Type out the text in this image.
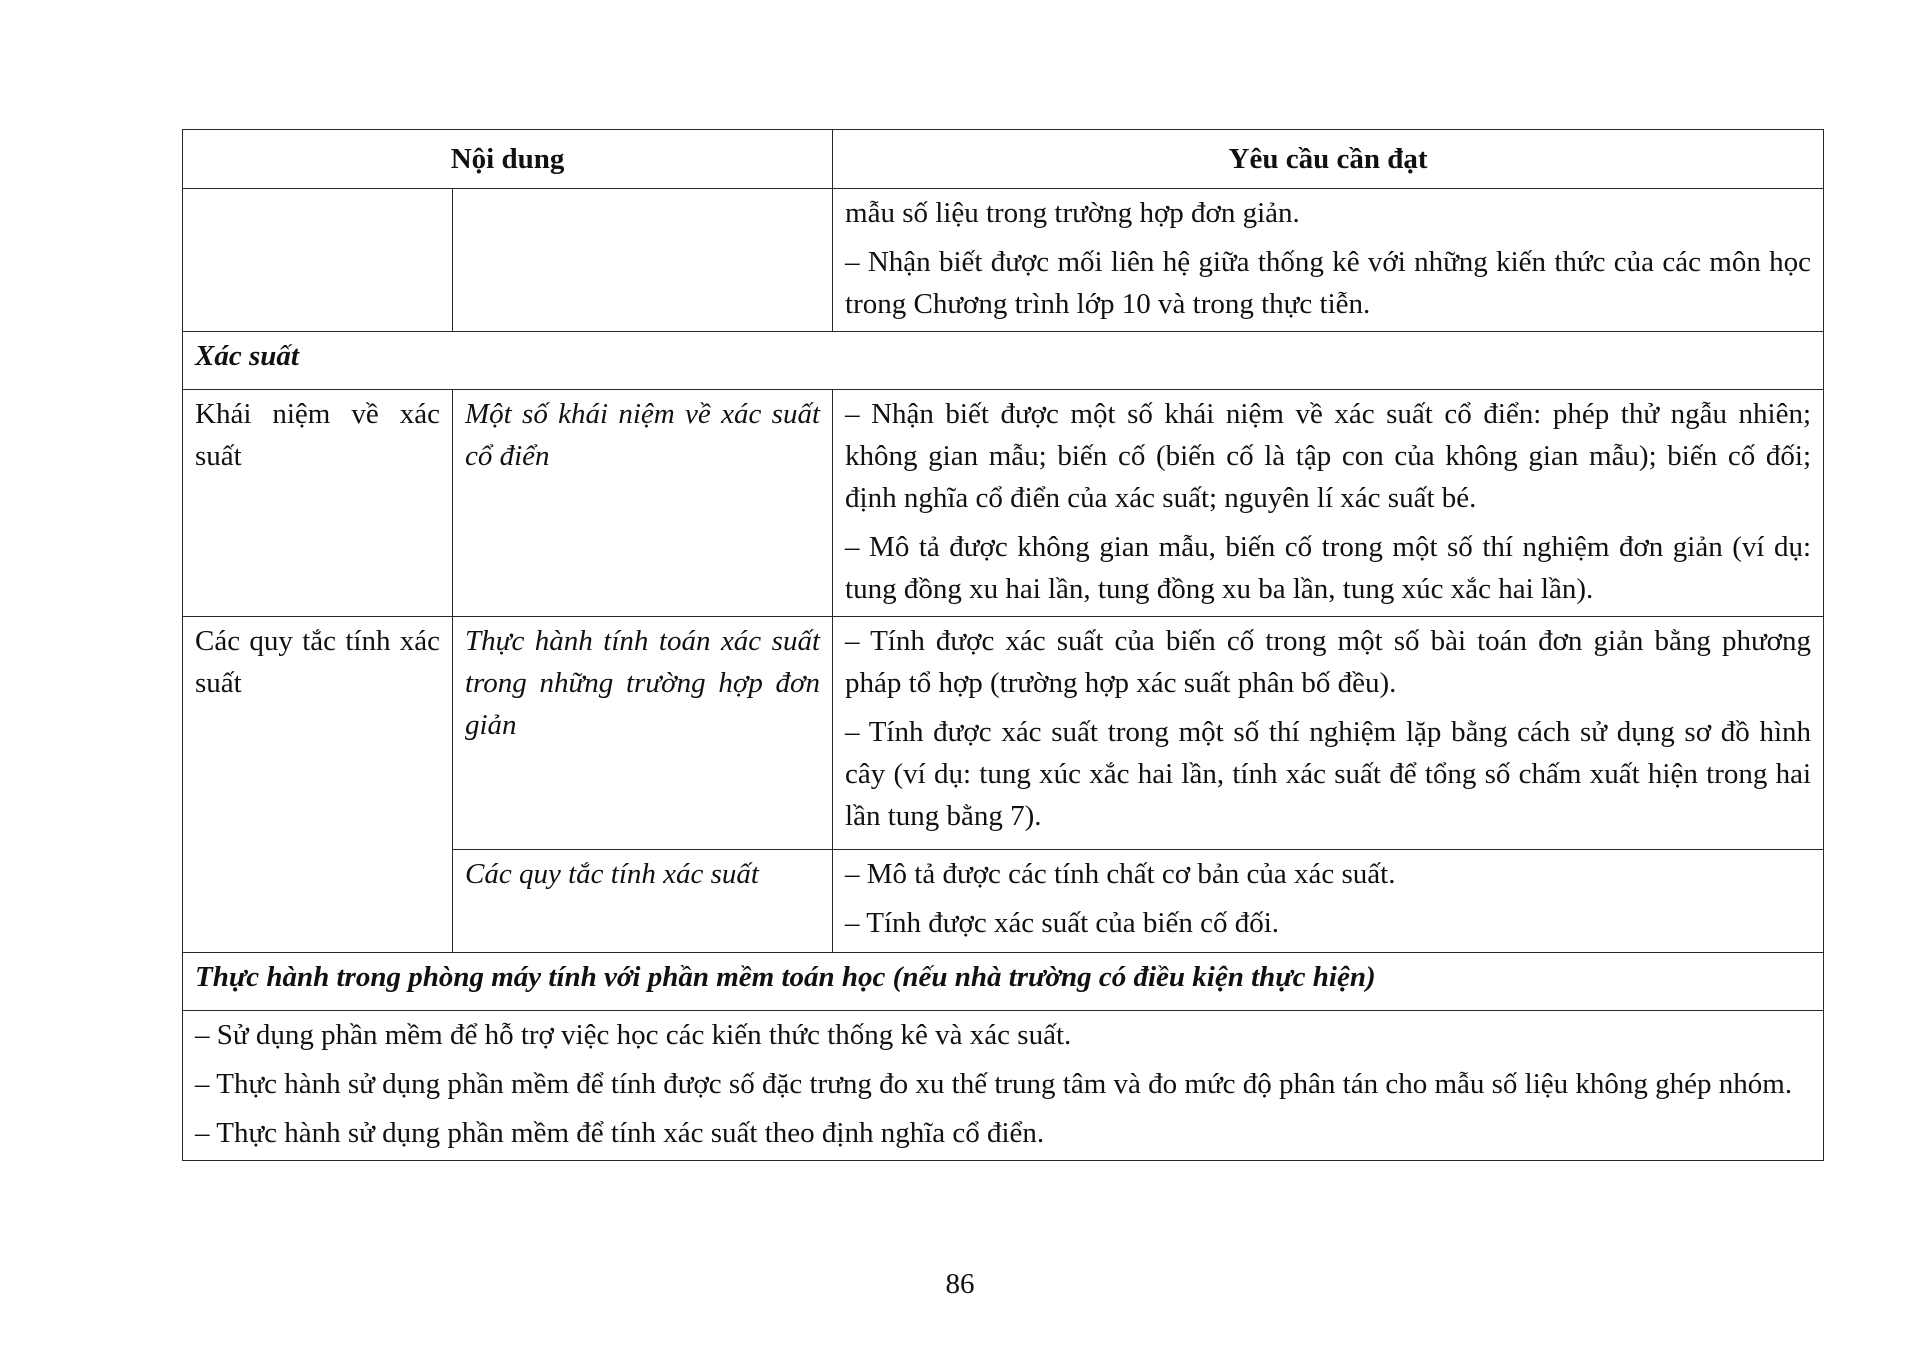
Nội dung		Yêu cầu cần đạt

		mẫu số liệu trong trường hợp đơn giản.

– Nhận biết được mối liên hệ giữa thống kê với những kiến thức của các môn học trong Chương trình lớp 10 và trong thực tiễn.

Xác suất		
Khái niệm về xác suất	Một số khái niệm về xác suất cổ điển	– Nhận biết được một số khái niệm về xác suất cổ điển: phép thử ngẫu nhiên; không gian mẫu; biến cố (biến cố là tập con của không gian mẫu); biến cố đối; định nghĩa cổ điển của xác suất; nguyên lí xác suất bé.

– Mô tả được không gian mẫu, biến cố trong một số thí nghiệm đơn giản (ví dụ: tung đồng xu hai lần, tung đồng xu ba lần, tung xúc xắc hai lần).

Các quy tắc tính xác suất	Thực hành tính toán xác suất trong những trường hợp đơn giản	– Tính được xác suất của biến cố trong một số bài toán đơn giản bằng phương pháp tổ hợp (trường hợp xác suất phân bố đều).

– Tính được xác suất trong một số thí nghiệm lặp bằng cách sử dụng sơ đồ hình cây (ví dụ: tung xúc xắc hai lần, tính xác suất để tổng số chấm xuất hiện trong hai lần tung bằng 7).

	Các quy tắc tính xác suất	– Mô tả được các tính chất cơ bản của xác suất.

– Tính được xác suất của biến cố đối.

Thực hành trong phòng máy tính với phần mềm toán học (nếu nhà trường có điều kiện thực hiện)		

– Sử dụng phần mềm để hỗ trợ việc học các kiến thức thống kê và xác suất.

– Thực hành sử dụng phần mềm để tính được số đặc trưng đo xu thế trung tâm và đo mức độ phân tán cho mẫu số liệu không ghép nhóm.

– Thực hành sử dụng phần mềm để tính xác suất theo định nghĩa cổ điển.		

86
